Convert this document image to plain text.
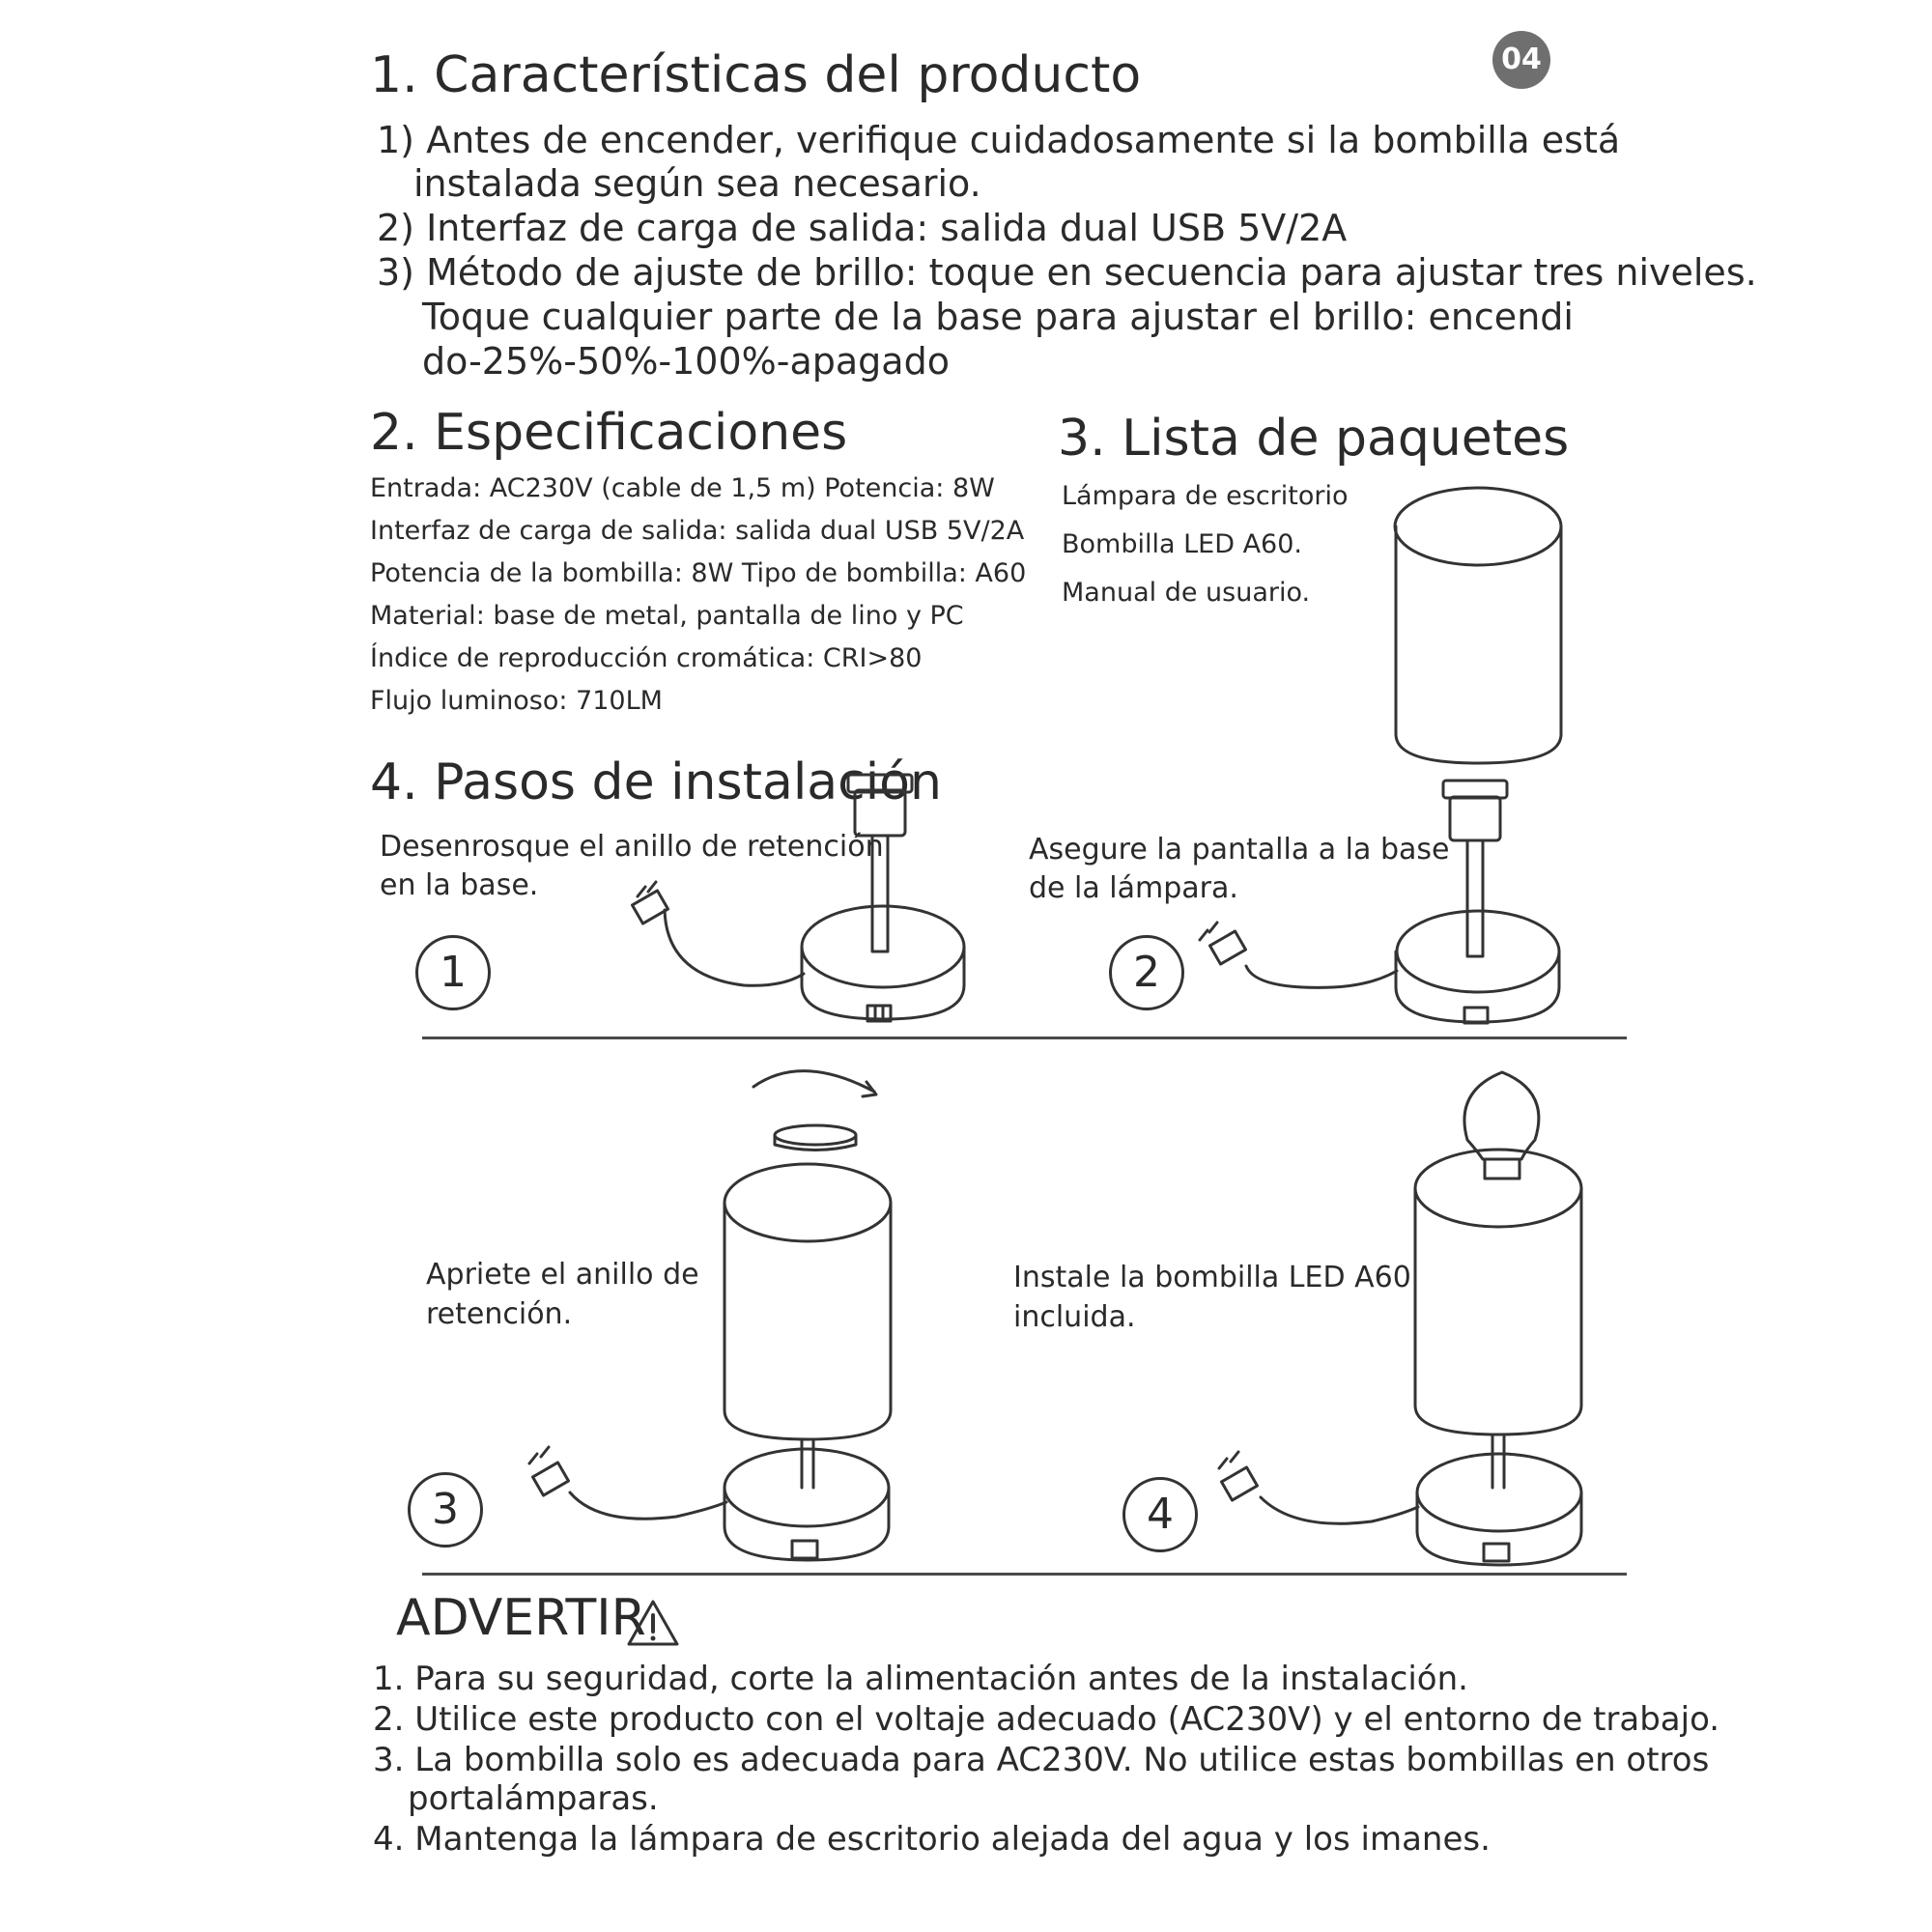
04
1. Características del producto
1) Antes de encender, verifique cuidadosamente si la bombilla está
instalada según sea necesario.
2) Interfaz de carga de salida: salida dual USB 5V/2A
3) Método de ajuste de brillo: toque en secuencia para ajustar tres niveles.
Toque cualquier parte de la base para ajustar el brillo: encendi
do-25%-50%-100%-apagado
2. Especificaciones
Entrada: AC230V (cable de 1,5 m) Potencia: 8W
Interfaz de carga de salida: salida dual USB 5V/2A
Potencia de la bombilla: 8W Tipo de bombilla: A60
Material: base de metal, pantalla de lino y PC
Índice de reproducción cromática: CRI>80
Flujo luminoso: 710LM
3. Lista de paquetes
Lámpara de escritorio
Bombilla LED A60.
Manual de usuario.
4. Pasos de instalación
Desenrosque el anillo de retención
en la base.
1
Asegure la pantalla a la base
de la lámpara.
2
Apriete el anillo de
retención.
3
Instale la bombilla LED A60
incluida.
4
ADVERTIR
1. Para su seguridad, corte la alimentación antes de la instalación.
2. Utilice este producto con el voltaje adecuado (AC230V) y el entorno de trabajo.
3. La bombilla solo es adecuada para AC230V. No utilice estas bombillas en otros
portalámparas.
4. Mantenga la lámpara de escritorio alejada del agua y los imanes.
